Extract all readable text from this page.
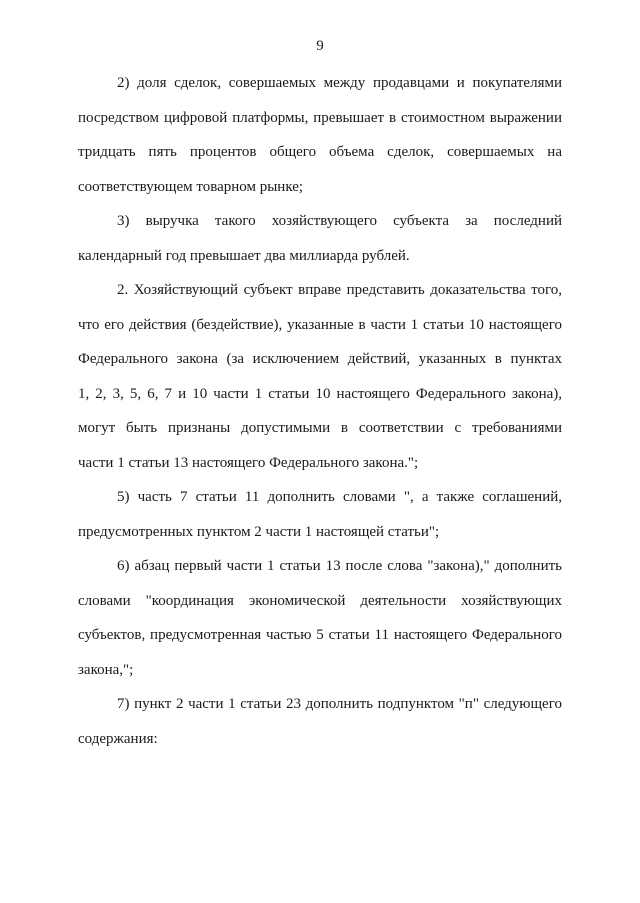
9
2) доля сделок, совершаемых между продавцами и покупателями
посредством цифровой платформы, превышает в стоимостном выражении
тридцать пять процентов общего объема сделок, совершаемых на
соответствующем товарном рынке;
3) выручка такого хозяйствующего субъекта за последний
календарный год превышает два миллиарда рублей.
2. Хозяйствующий субъект вправе представить доказательства того,
что его действия (бездействие), указанные в части 1 статьи 10 настоящего
Федерального закона (за исключением действий, указанных в пунктах
1, 2, 3, 5, 6, 7 и 10 части 1 статьи 10 настоящего Федерального закона),
могут быть признаны допустимыми в соответствии с требованиями
части 1 статьи 13 настоящего Федерального закона.";
5) часть 7 статьи 11 дополнить словами ", а также соглашений,
предусмотренных пунктом 2 части 1 настоящей статьи";
6) абзац первый части 1 статьи 13 после слова "закона)," дополнить
словами "координация экономической деятельности хозяйствующих
субъектов, предусмотренная частью 5 статьи 11 настоящего Федерального
закона,";
7) пункт 2 части 1 статьи 23 дополнить подпунктом "п" следующего
содержания:
